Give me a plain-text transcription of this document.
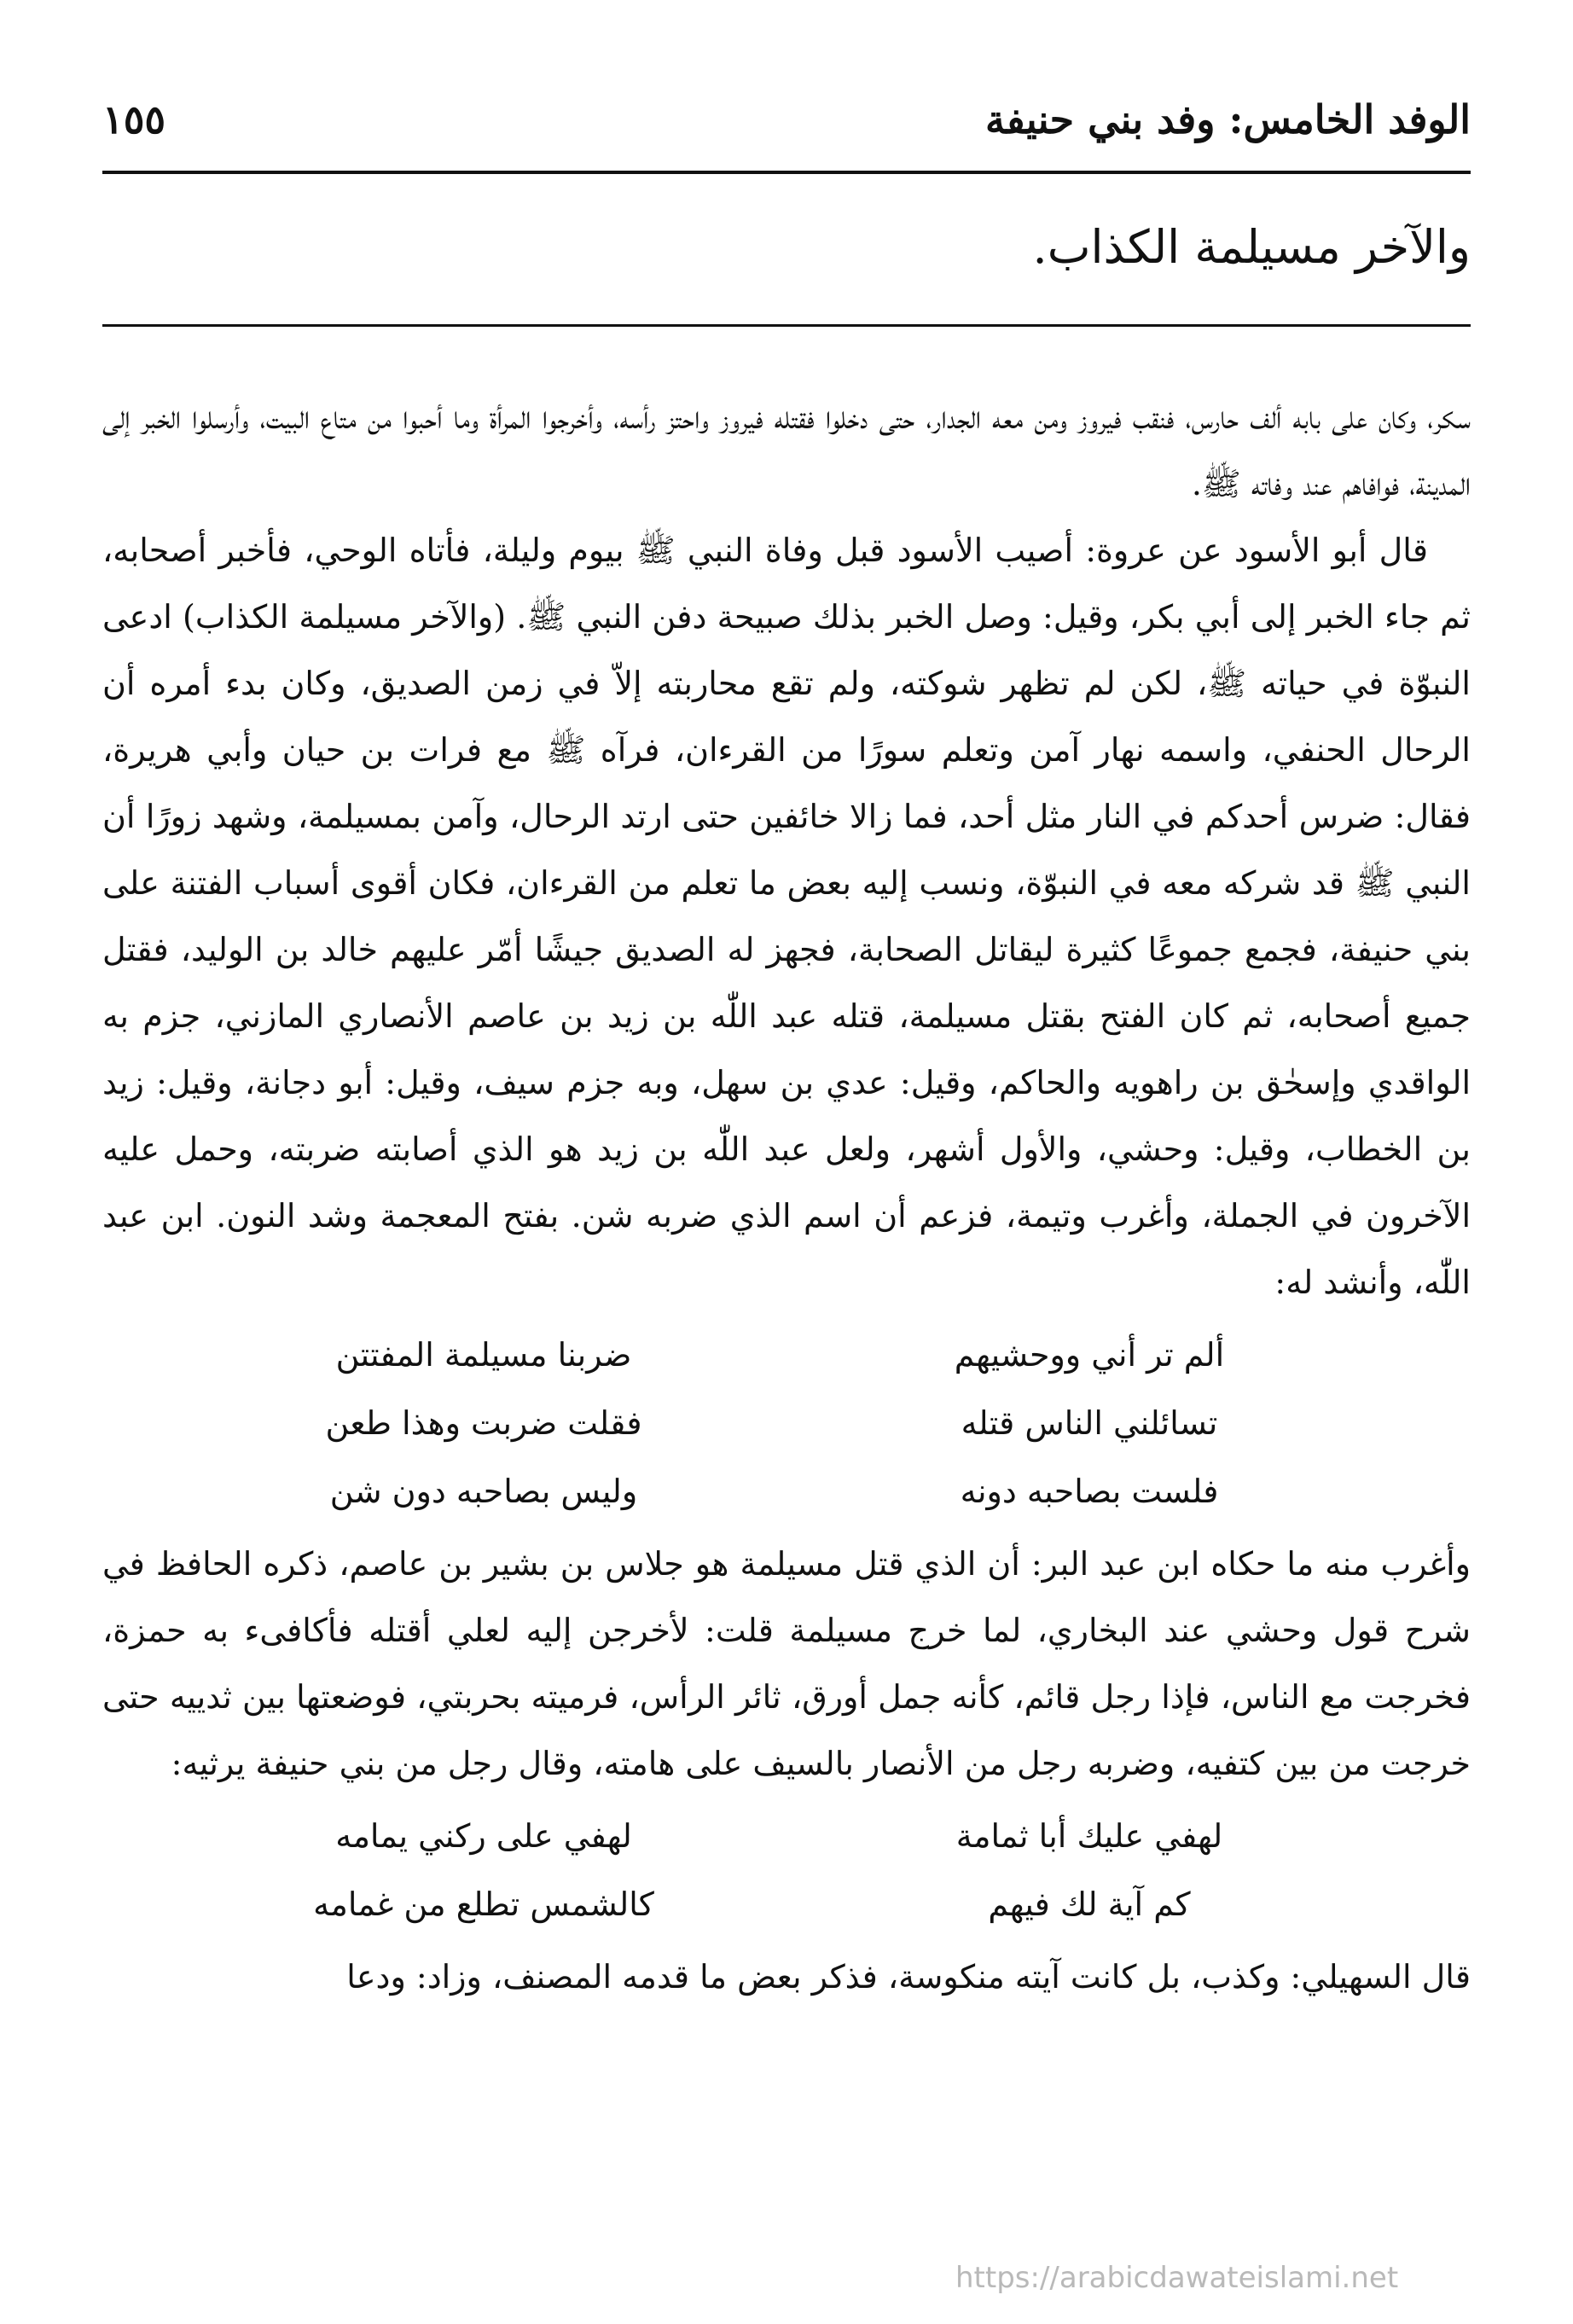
الوفد الخامس: وفد بني حنيفة
١٥٥
والآخر مسيلمة الكذاب.

سكر، وكان على بابه ألف حارس، فنقب فيروز ومن معه الجدار، حتى دخلوا فقتله فيروز واحتز رأسه، وأخرجوا المرأة وما أحبوا من متاع البيت، وأرسلوا الخبر إلى المدينة، فوافاهم عند وفاته ﷺ.

قال أبو الأسود عن عروة: أصيب الأسود قبل وفاة النبي ﷺ بيوم وليلة، فأتاه الوحي، فأخبر أصحابه، ثم جاء الخبر إلى أبي بكر، وقيل: وصل الخبر بذلك صبيحة دفن النبي ﷺ. (والآخر مسيلمة الكذاب) ادعى النبوّة في حياته ﷺ، لكن لم تظهر شوكته، ولم تقع محاربته إلاّ في زمن الصديق، وكان بدء أمره أن الرحال الحنفي، واسمه نهار آمن وتعلم سورًا من القرءان، فرآه ﷺ مع فرات بن حيان وأبي هريرة، فقال: ضرس أحدكم في النار مثل أحد، فما زالا خائفين حتى ارتد الرحال، وآمن بمسيلمة، وشهد زورًا أن النبي ﷺ قد شركه معه في النبوّة، ونسب إليه بعض ما تعلم من القرءان، فكان أقوى أسباب الفتنة على بني حنيفة، فجمع جموعًا كثيرة ليقاتل الصحابة، فجهز له الصديق جيشًا أمّر عليهم خالد بن الوليد، فقتل جميع أصحابه، ثم كان الفتح بقتل مسيلمة، قتله عبد اللّٰه بن زيد بن عاصم الأنصاري المازني، جزم به الواقدي وإسحٰق بن راهويه والحاكم، وقيل: عدي بن سهل، وبه جزم سيف، وقيل: أبو دجانة، وقيل: زيد بن الخطاب، وقيل: وحشي، والأول أشهر، ولعل عبد اللّٰه بن زيد هو الذي أصابته ضربته، وحمل عليه الآخرون في الجملة، وأغرب وتيمة، فزعم أن اسم الذي ضربه شن. بفتح المعجمة وشد النون. ابن عبد اللّٰه، وأنشد له:

ألم تر أني ووحشيهم
ضربنا مسيلمة المفتتن
تسائلني الناس قتله
فقلت ضربت وهذا طعن
فلست بصاحبه دونه
وليس بصاحبه دون شن

وأغرب منه ما حكاه ابن عبد البر: أن الذي قتل مسيلمة هو جلاس بن بشير بن عاصم، ذكره الحافظ في شرح قول وحشي عند البخاري، لما خرج مسيلمة قلت: لأخرجن إليه لعلي أقتله فأكافىء به حمزة، فخرجت مع الناس، فإذا رجل قائم، كأنه جمل أورق، ثائر الرأس، فرميته بحربتي، فوضعتها بين ثدييه حتى خرجت من بين كتفيه، وضربه رجل من الأنصار بالسيف على هامته، وقال رجل من بني حنيفة يرثيه:

لهفي عليك أبا ثمامة
لهفي على ركني يمامه
كم آية لك فيهم
كالشمس تطلع من غمامه

قال السهيلي: وكذب، بل كانت آيته منكوسة، فذكر بعض ما قدمه المصنف، وزاد: ودعا

https://arabicdawateislami.net
